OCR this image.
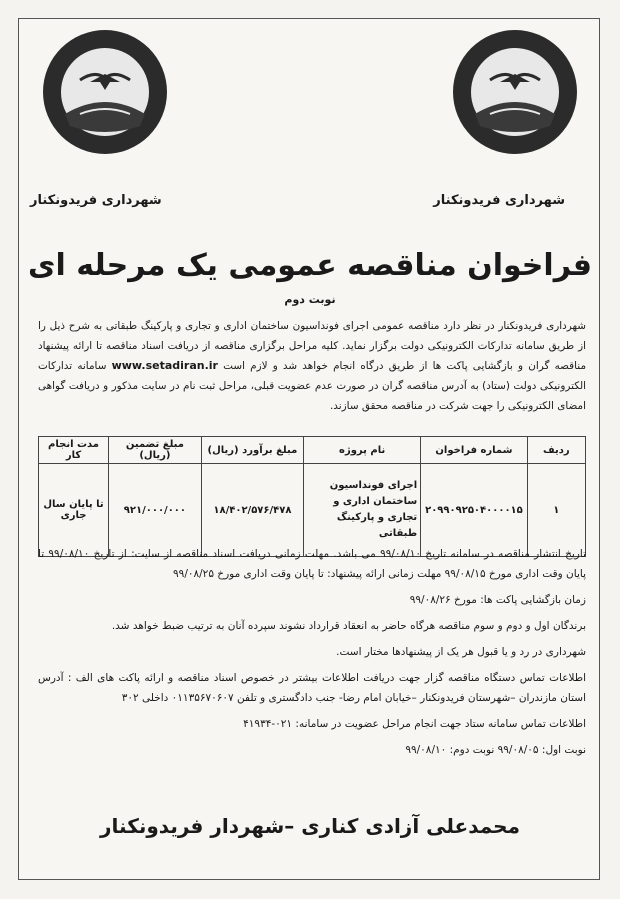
شهرداری فریدونکنار	شهرداری فریدونکنار
فراخوان مناقصه عمومی یک مرحله ای
نوبت دوم
شهرداری فریدونکنار در نظر دارد مناقصه عمومی اجرای فونداسیون ساختمان اداری و تجاری و پارکینگ طبقاتی به شرح ذیل را از طریق سامانه تدارکات الکترونیکی دولت برگزار نماید. کلیه مراحل برگزاری مناقصه از دریافت اسناد مناقصه تا ارائه پیشنهاد مناقصه گران و بازگشایی پاکت ها از طریق درگاه انجام خواهد شد و لازم است www.setadiran.ir سامانه تدارکات الکترونیکی دولت (ستاد) به آدرس مناقصه گران در صورت عدم عضویت قبلی، مراحل ثبت نام در سایت مذکور و دریافت گواهی امضای الکترونیکی را جهت شرکت در مناقصه محقق سازند.
ردیف	شماره فراخوان	نام پروژه	مبلغ برآورد (ریال)	مبلغ تضمین (ریال)	مدت انجام کار
۱	۲۰۹۹۰۹۲۵۰۴۰۰۰۰۱۵	اجرای فونداسیون ساختمان اداری و تجاری و پارکینگ طبقاتی	۱۸/۴۰۲/۵۷۶/۴۷۸	۹۲۱/۰۰۰/۰۰۰	تا پایان سال جاری

تاریخ انتشار مناقصه در سامانه تاریخ ۹۹/۰۸/۱۰ می باشد. مهلت زمانی دریافت اسناد مناقصه از سایت: از تاریخ ۹۹/۰۸/۱۰ تا پایان وقت اداری مورخ ۹۹/۰۸/۱۵ مهلت زمانی ارائه پیشنهاد: تا پایان وقت اداری مورخ ۹۹/۰۸/۲۵

زمان بازگشایی پاکت ها: مورخ ۹۹/۰۸/۲۶

برندگان اول و دوم و سوم مناقصه هرگاه حاضر به انعقاد قرارداد نشوند سپرده آنان به ترتیب ضبط خواهد شد.

شهرداری در رد و یا قبول هر یک از پیشنهادها مختار است.

اطلاعات تماس دستگاه مناقصه گزار جهت دریافت اطلاعات بیشتر در خصوص اسناد مناقصه و ارائه پاکت های الف : آدرس استان مازندران –شهرستان فریدونکنار –خیابان امام رضا- جنب دادگستری و تلفن ۰۱۱۳۵۶۷۰۶۰۷ داخلی ۳۰۲

اطلاعات تماس سامانه ستاد جهت انجام مراحل عضویت در سامانه: ۰۲۱-۴۱۹۳۴

نوبت اول: ۹۹/۰۸/۰۵ نوبت دوم: ۹۹/۰۸/۱۰

محمدعلی آزادی کناری –شهردار فریدونکنار
